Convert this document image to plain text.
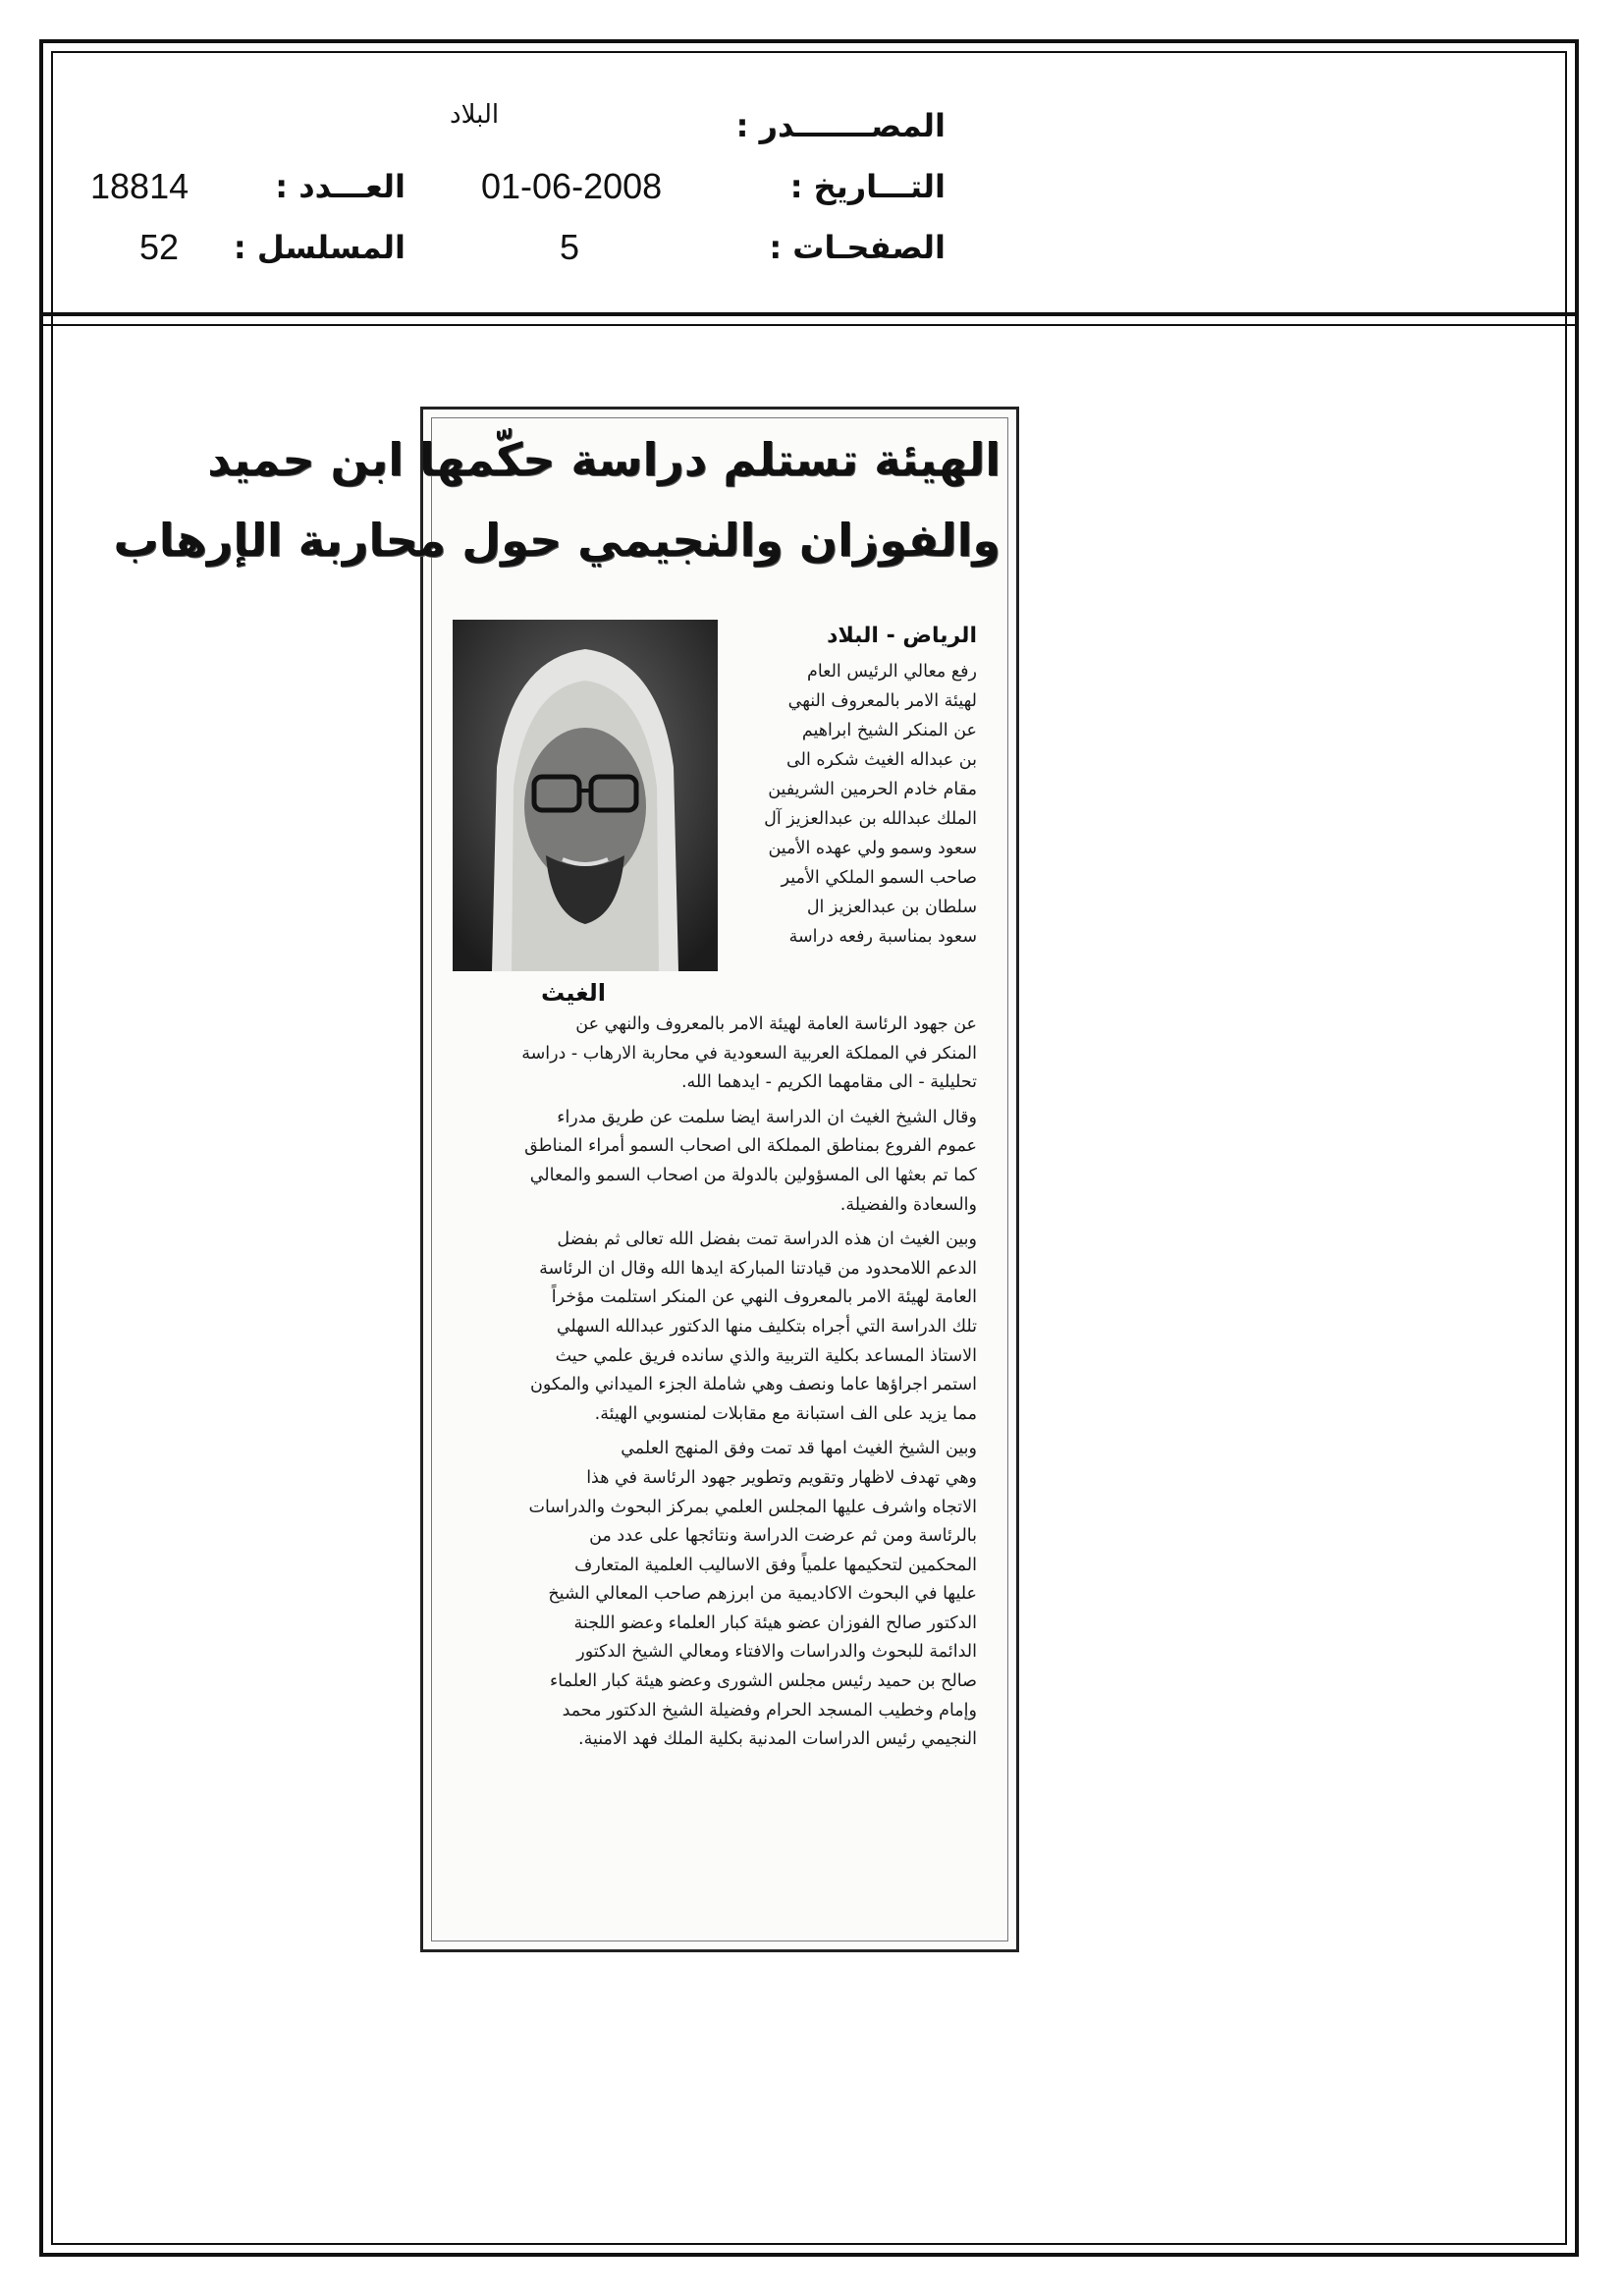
المصـــــــدر :
البلاد
التـــاريخ :
01-06-2008
العـــدد :
18814
الصفحـات :
5
المسلسل :
52
الهيئة تستلم دراسة حكّمها ابن حميد
والفوزان والنجيمي حول محاربة الإرهاب
الرياض - البلاد
الغيث
رفع معالي الرئيس العام
لهيئة الامر بالمعروف النهي
عن المنكر الشيخ ابراهيم
بن عبداله الغيث شكره الى
مقام خادم الحرمين الشريفين
الملك عبدالله بن عبدالعزيز آل
سعود وسمو ولي عهده الأمين
صاحب السمو الملكي الأمير
سلطان بن عبدالعزيز ال
سعود بمناسبة رفعه دراسة
عن جهود الرئاسة العامة لهيئة الامر بالمعروف والنهي عن
المنكر في المملكة العربية السعودية في محاربة الارهاب - دراسة
تحليلية - الى مقامهما الكريم - ايدهما الله.
وقال الشيخ الغيث ان الدراسة ايضا سلمت عن طريق مدراء
عموم الفروع بمناطق المملكة الى اصحاب السمو أمراء المناطق
كما تم بعثها الى المسؤولين بالدولة من اصحاب السمو والمعالي
والسعادة والفضيلة.
وبين الغيث ان هذه الدراسة تمت بفضل الله تعالى ثم بفضل
الدعم اللامحدود من قيادتنا المباركة ايدها الله وقال ان الرئاسة
العامة لهيئة الامر بالمعروف النهي عن المنكر استلمت مؤخراً
تلك الدراسة التي أجراه بتكليف منها الدكتور عبدالله السهلي
الاستاذ المساعد بكلية التربية والذي سانده فريق علمي حيث
استمر اجراؤها عاما ونصف وهي شاملة الجزء الميداني والمكون
مما يزيد على الف استبانة مع مقابلات لمنسوبي الهيئة.
وبين الشيخ الغيث امها قد تمت وفق المنهج العلمي
وهي تهدف لاظهار وتقويم وتطوير جهود الرئاسة في هذا
الاتجاه واشرف عليها المجلس العلمي بمركز البحوث والدراسات
بالرئاسة ومن ثم عرضت الدراسة ونتائجها على عدد من
المحكمين لتحكيمها علمياً وفق الاساليب العلمية المتعارف
عليها في البحوث الاكاديمية من ابرزهم صاحب المعالي الشيخ
الدكتور صالح الفوزان عضو هيئة كبار العلماء وعضو اللجنة
الدائمة للبحوث والدراسات والافتاء ومعالي الشيخ الدكتور
صالح بن حميد رئيس مجلس الشورى وعضو هيئة كبار العلماء
وإمام وخطيب المسجد الحرام وفضيلة الشيخ الدكتور محمد
النجيمي رئيس الدراسات المدنية بكلية الملك فهد الامنية.
